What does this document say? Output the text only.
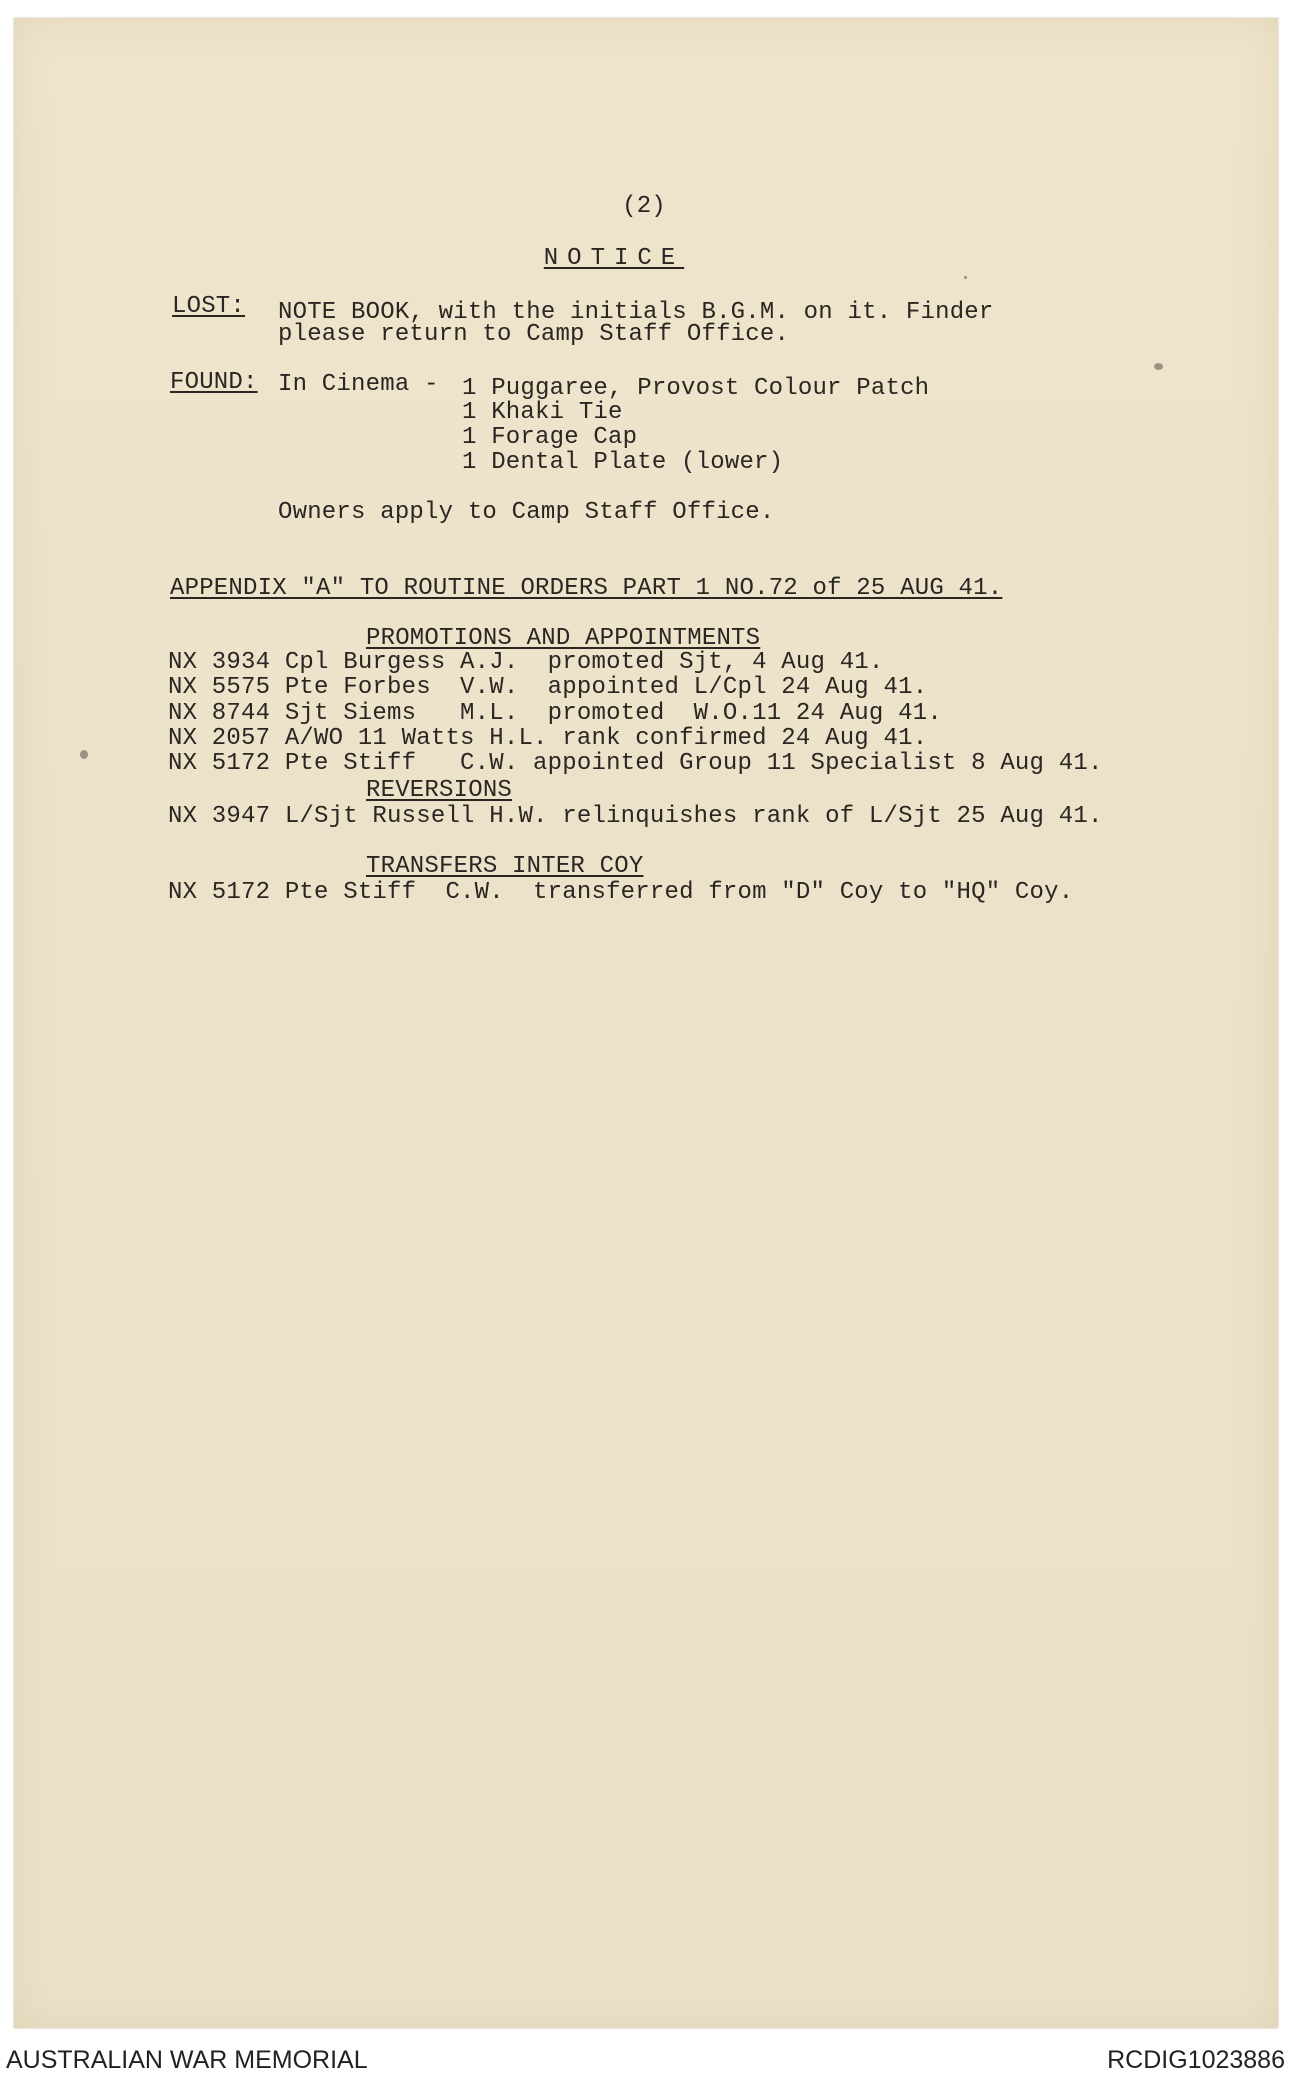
(2)
NOTICE
LOST: NOTE BOOK, with the initials B.G.M. on it. Finder
please return to Camp Staff Office.
FOUND: In Cinema - 1 Puggaree, Provost Colour Patch
1 Khaki Tie
1 Forage Cap
1 Dental Plate (lower)
Owners apply to Camp Staff Office.
APPENDIX "A" TO ROUTINE ORDERS PART 1 NO.72 of 25 AUG 41.
PROMOTIONS AND APPOINTMENTS
NX 3934 Cpl Burgess A.J.  promoted Sjt, 4 Aug 41.
NX 5575 Pte Forbes  V.W.  appointed L/Cpl 24 Aug 41.
NX 8744 Sjt Siems   M.L.  promoted  W.O.11 24 Aug 41.
NX 2057 A/WO 11 Watts H.L. rank confirmed 24 Aug 41.
NX 5172 Pte Stiff   C.W. appointed Group 11 Specialist 8 Aug 41.
REVERSIONS
NX 3947 L/Sjt Russell H.W. relinquishes rank of L/Sjt 25 Aug 41.
TRANSFERS INTER COY
NX 5172 Pte Stiff  C.W.  transferred from "D" Coy to "HQ" Coy.
AUSTRALIAN WAR MEMORIAL	RCDIG1023886
